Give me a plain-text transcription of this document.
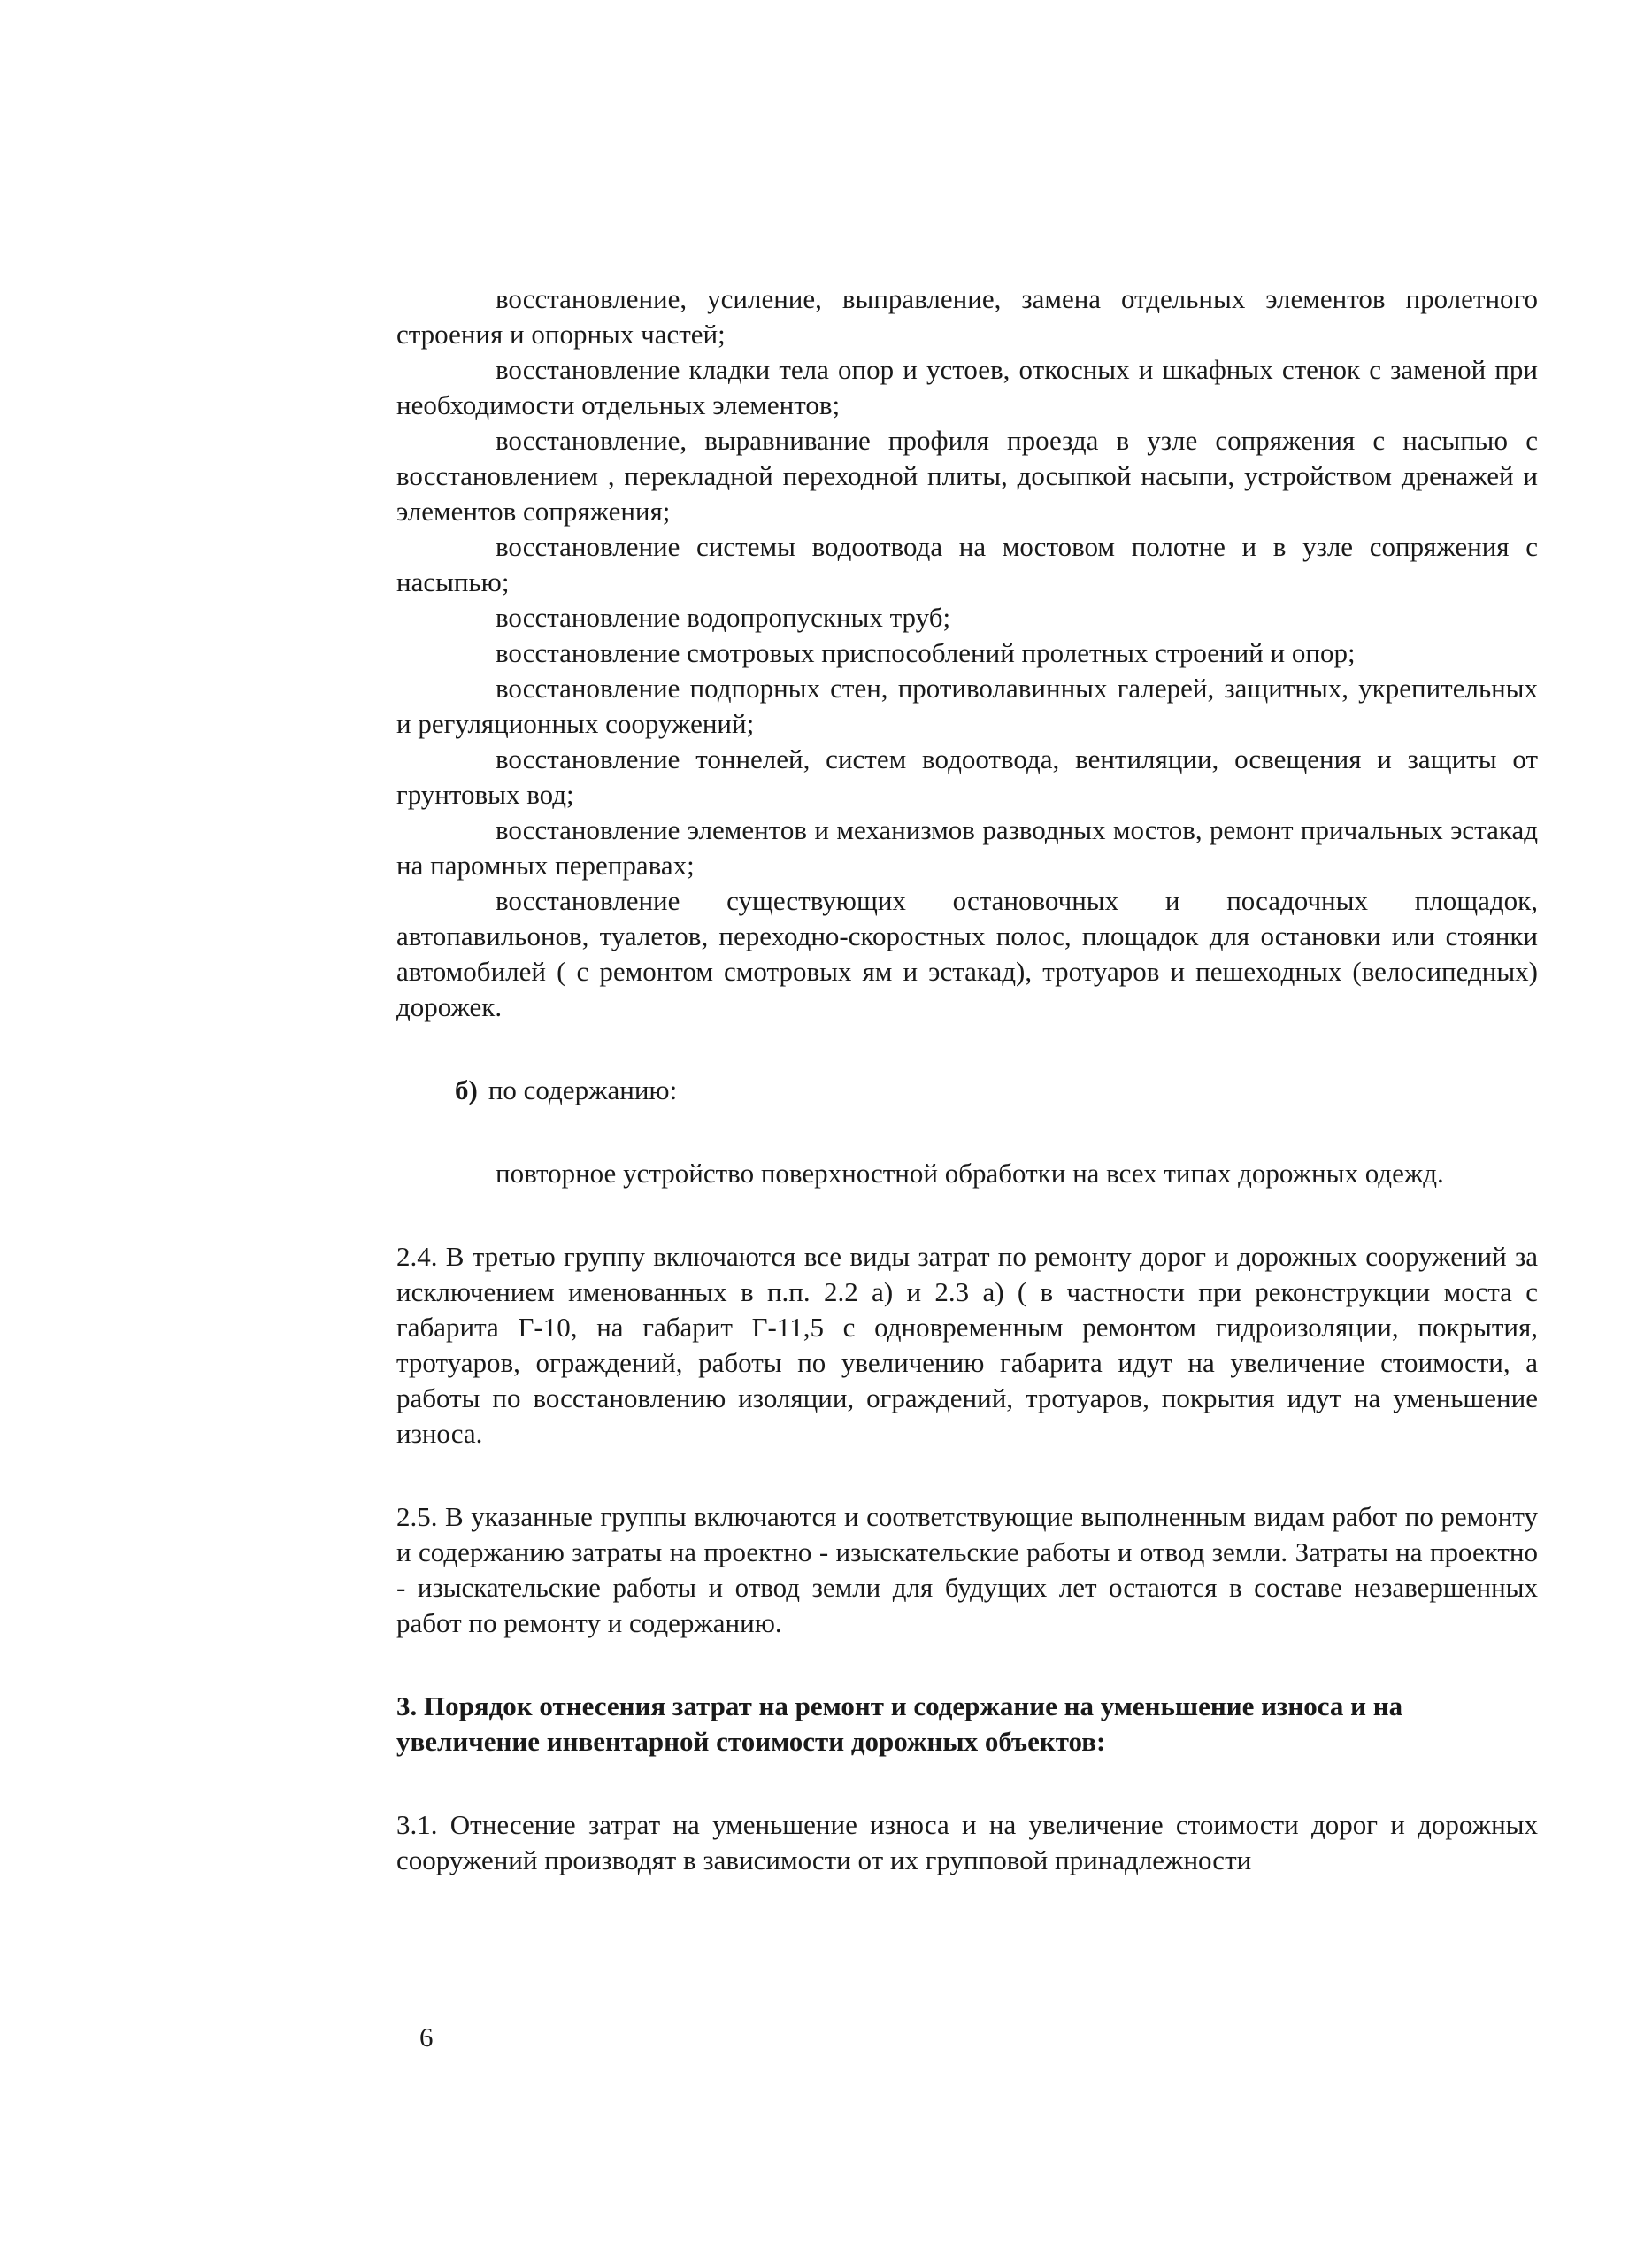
восстановление, усиление, выправление, замена отдельных элементов пролетного строения и опорных частей;

восстановление кладки тела опор и устоев, откосных и шкафных стенок с заменой при необходимости отдельных элементов;

восстановление, выравнивание профиля проезда в узле сопряжения с насыпью с восстановлением , перекладной переходной плиты, досыпкой насыпи, устройством дренажей и элементов сопряжения;

восстановление системы водоотвода на мостовом полотне и в узле сопряжения с насыпью;

восстановление водопропускных труб;

восстановление смотровых приспособлений пролетных строений и опор;

восстановление подпорных стен, противолавинных галерей, защитных, укрепительных и регуляционных сооружений;

восстановление тоннелей, систем водоотвода, вентиляции, освещения и защиты от грунтовых вод;

восстановление элементов и механизмов разводных мостов, ремонт причальных эстакад на паромных переправах;

восстановление существующих остановочных и посадочных площадок, автопавильонов, туалетов, переходно-скоростных полос, площадок для остановки или стоянки автомобилей ( с ремонтом смотровых ям и эстакад), тротуаров и пешеходных (велосипедных) дорожек.

б) по содержанию:

повторное устройство поверхностной обработки на всех типах дорожных одежд.

2.4. В третью группу включаются все виды затрат по ремонту дорог и дорожных сооружений за исключением именованных в п.п. 2.2 а) и 2.3 а) ( в частности при реконструкции моста с габарита Г-10, на габарит Г-11,5 с одновременным ремонтом гидроизоляции, покрытия, тротуаров, ограждений, работы по увеличению габарита идут на увеличение стоимости, а работы по восстановлению изоляции, ограждений, тротуаров, покрытия идут на уменьшение износа.

2.5. В указанные группы включаются и соответствующие выполненным видам работ по ремонту и содержанию затраты на проектно - изыскательские работы и отвод земли. Затраты на проектно - изыскательские работы и отвод земли для будущих лет остаются в составе незавершенных работ по ремонту и содержанию.

3. Порядок отнесения затрат на ремонт и содержание на уменьшение износа и на увеличение инвентарной стоимости дорожных объектов:

3.1. Отнесение затрат на уменьшение износа и на увеличение стоимости дорог и дорожных сооружений производят в зависимости от их групповой принадлежности

6
